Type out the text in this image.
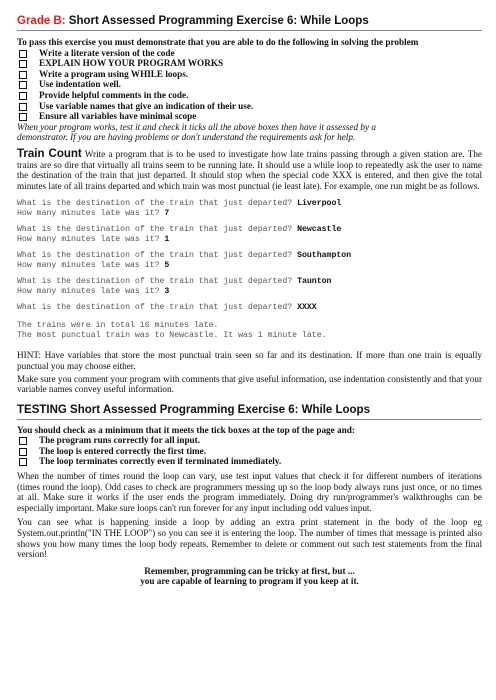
Grade B: Short Assessed Programming Exercise 6: While Loops
To pass this exercise you must demonstrate that you are able to do the following in solving the problem
Write a literate version of the code
EXPLAIN HOW YOUR PROGRAM WORKS
Write a program using WHILE loops.
Use indentation well.
Provide helpful comments in the code.
Use variable names that give an indication of their use.
Ensure all variables have minimal scope

When your program works, test it and check it ticks all the above boxes then have it assessed by a
demonstrator. If you are having problems or don't understand the requirements ask for help.

Train Count Write a program that is to be used to investigate how late trains passing through a given station are. The trains are so dire that virtually all trains seem to be running late. It should use a while loop to repeatedly ask the user to name the destination of the train that just departed. It should stop when the special code XXX is entered, and then give the total minutes late of all trains departed and which train was most punctual (ie least late). For example, one run might be as follows.

What is the destination of the train that just departed? Liverpool
How many minutes late was it? 7
What is the destination of the train that just departed? Newcastle
How many minutes late was it? 1
What is the destination of the train that just departed? Southampton
How many minutes late was it? 5
What is the destination of the train that just departed? Taunton
How many minutes late was it? 3
What is the destination of the train that just departed? XXXX
The trains were in total 16 minutes late.
The most punctual train was to Newcastle. It was 1 minute late.

HINT: Have variables that store the most punctual train seen so far and its destination. If more than one train is equally punctual you may choose either.

Make sure you comment your program with comments that give useful information, use indentation consistently and that your variable names convey useful information.

TESTING Short Assessed Programming Exercise 6: While Loops
You should check as a minimum that it meets the tick boxes at the top of the page and:
The program runs correctly for all input.
The loop is entered correctly the first time.
The loop terminates correctly even if terminated immediately.

When the number of times round the loop can vary, use test input values that check it for different numbers of iterations (times round the loop). Odd cases to check are programmers messing up so the loop body always runs just once, or no times at all. Make sure it works if the user ends the program immediately. Doing dry run/programmer's walkthroughs can be especially important. Make sure loops can't run forever for any input including odd values input.

You can see what is happening inside a loop by adding an extra print statement in the body of the loop eg System.out.println("IN THE LOOP") so you can see it is entering the loop. The number of times that message is printed also shows you how many times the loop body repeats. Remember to delete or comment out such test statements from the final version!

Remember, programming can be tricky at first, but ...
you are capable of learning to program if you keep at it.
